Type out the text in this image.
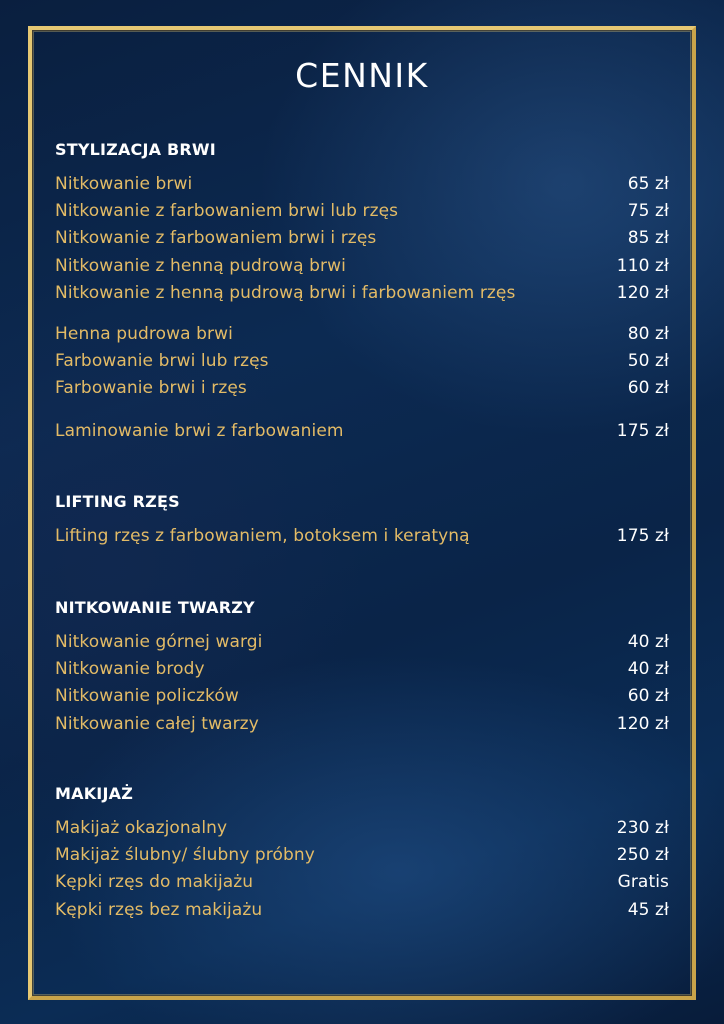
CENNIK
STYLIZACJA BRWI
Nitkowanie brwi	65 zł
Nitkowanie z farbowaniem brwi lub rzęs	75 zł
Nitkowanie z farbowaniem brwi i rzęs	85 zł
Nitkowanie z henną pudrową brwi	110 zł
Nitkowanie z henną pudrową brwi i farbowaniem rzęs	120 zł
Henna pudrowa brwi	80 zł
Farbowanie brwi lub rzęs	50 zł
Farbowanie brwi i rzęs	60 zł
Laminowanie brwi z farbowaniem	175 zł
LIFTING RZĘS
Lifting rzęs z farbowaniem, botoksem i keratyną	175 zł
NITKOWANIE TWARZY
Nitkowanie górnej wargi	40 zł
Nitkowanie brody	40 zł
Nitkowanie policzków	60 zł
Nitkowanie całej twarzy	120 zł
MAKIJAŻ
Makijaż okazjonalny	230 zł
Makijaż ślubny/ ślubny próbny	250 zł
Kępki rzęs do makijażu	Gratis
Kępki rzęs bez makijażu	45 zł
